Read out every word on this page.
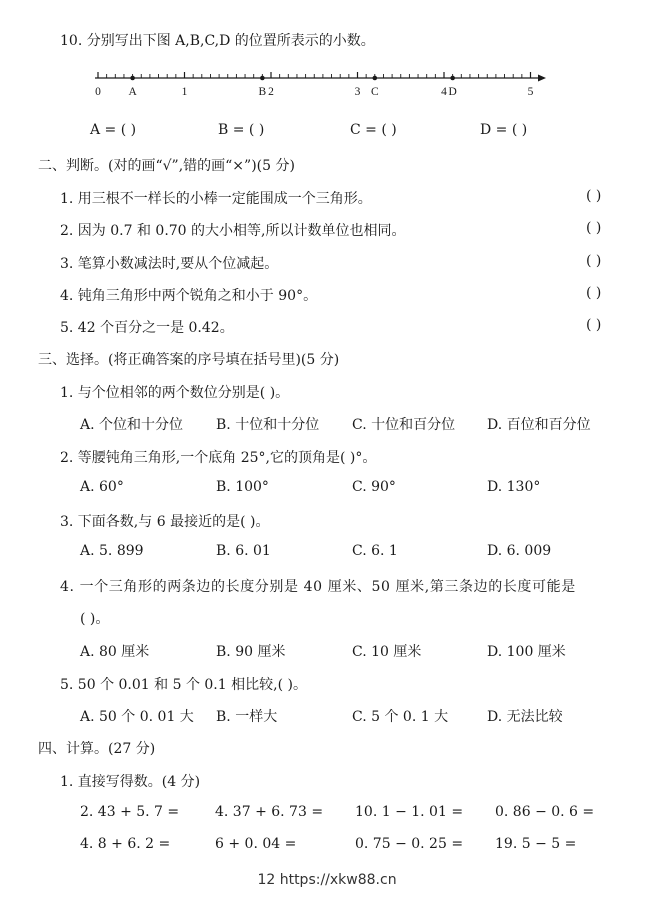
10. 分别写出下图 A,B,C,D 的位置所表示的小数。
0 A	1	B 2	3 C	4 D	5
A = ( )	B = ( )	C = ( )	D = ( )
二、判断。(对的画“√”,错的画“×”)(5 分)
1. 用三根不一样长的小棒一定能围成一个三角形。	( )
2. 因为 0.7 和 0.70 的大小相等,所以计数单位也相同。	( )
3. 笔算小数减法时,要从个位减起。	( )
4. 钝角三角形中两个锐角之和小于 90°。	( )
5. 42 个百分之一是 0.42。	( )
三、选择。(将正确答案的序号填在括号里)(5 分)
1. 与个位相邻的两个数位分别是( )。
A. 个位和十分位 B. 十位和十分位 C. 十位和百分位 D. 百位和百分位
2. 等腰钝角三角形,一个底角 25°,它的顶角是( )°。
A. 60°	B. 100°	C. 90°	D. 130°
3. 下面各数,与 6 最接近的是( )。
A. 5. 899	B. 6. 01	C. 6. 1	D. 6. 009
4. 一个三角形的两条边的长度分别是 40 厘米、50 厘米,第三条边的长度可能是
( )。
A. 80 厘米	B. 90 厘米	C. 10 厘米	D. 100 厘米
5. 50 个 0.01 和 5 个 0.1 相比较,( )。
A. 50 个 0. 01 大 B. 一样大	C. 5 个 0. 1 大	D. 无法比较
四、计算。(27 分)
1. 直接写得数。(4 分)
2. 43 + 5. 7 =	4. 37 + 6. 73 = 10. 1 − 1. 01 = 0. 86 − 0. 6 =
4. 8 + 6. 2 =	6 + 0. 04 =	0. 75 − 0. 25 = 19. 5 − 5 =
12 https://xkw88.cn
